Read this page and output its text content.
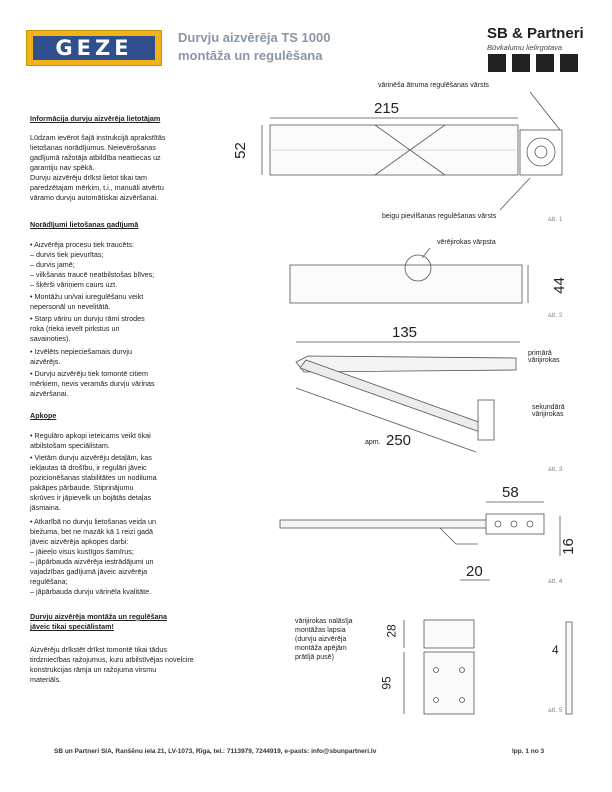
GEZE	Durvju aizvērēja TS 1000
montāža un regulēšana
SB & Partneri
Būvkalumu lielirgotava
Informācija durvju aizvērēja lietotājam
Lūdzam ievērot šajā instrukcijā aprakstītās
lietošanas norādījumus. Neievērošanas
gadījumā ražotāja atbildība neattiecas uz
garantiju nav spēkā.
Durvju aizvērēju drīkst lietot tikai tam
paredzētajam mērķim, t.i., manuāli atvērtu
vāramo durvju automātiskai aizvēršanai.
Norādījumi lietošanas gadījumā
• Aizvērēja procesu tiek traucēts:
– durvis tiek pievurītas;
– durvis jamē;
– vilkšanas traucē neatbilstošas blīves;
– šķērši vāriņiem caurs uzt.
• Montāžu un/vai iuregulēšanu veikt
nepersonāl un nevelitātā.
• Starp vāriru un durvju rāmi strodes
roka (rieka ievelt pirkstus un
savainoties).
• Izvēlēts nepieciešamais durvju
aizvērējs.
• Durvju aizvērēju tiek tomontē citiem
mērķiem, nevis veramās durvju vārinas
aizvēršanai.
Apkope
• Regulāro apkopi ieteicams veikt tikai
atbilstošam speciālistam.
• Vietām durvju aizvērēju detaļām, kas
iekļautas tā drošību, ir regulāri jāveic
pozicionēšanas stabilitātes un nodiluma
pakāpes pārbaude. Stiprinājumu
skrūves ir jāpievelk un bojātās detaļas
jāsmaina.
• Atkarībā no durvju lietošanas veida un
biežuma, bet ne mazāk kā 1 reizi gadā
jāveic aizvērēja apkopes darbi:
– jāieeļo visus kustīgos šarnīrus;
– jāpārbauda aizvērēja iestrādājumi un
vajadzības gadījumā jāveic aizvērēja
regulēšana;
– jāpārbauda durvju vārinēla kvalitāte.
Durvju aizvērēja montāža un regulēšana
jāveic tikai speciālistam!
Aizvērēju drīkstēt drīkst tomontē tikai tādus
tirdzniecības ražojumus, kuru atbilstīvējas novelcire
konstrukcijas rāmja un ražojuma virsmu
materiāls.
vārinēša ātruma regulēšanas vārsts
215
52
beigu pievilšanas regulēšanas vārsts	att. 1
vērējirokas vārpsta
44
att. 2
135
primārā
vārijirokas
sekundārā
vārijirokas
apm. 250
att. 3
58
16
20
att. 4
vārijirokas nalāsīja
montāžas lapsia
(durvju aizvērēja
montāža apējām
prātījā pusē)
28
95
4
att. 5
SB un Partneri SIA, Ranšēnu iela 21, LV-1073, Rīga, tel.: 7113979, 7244919, e-pasts: info@sbunpartneri.lv	lpp. 1 no 3
